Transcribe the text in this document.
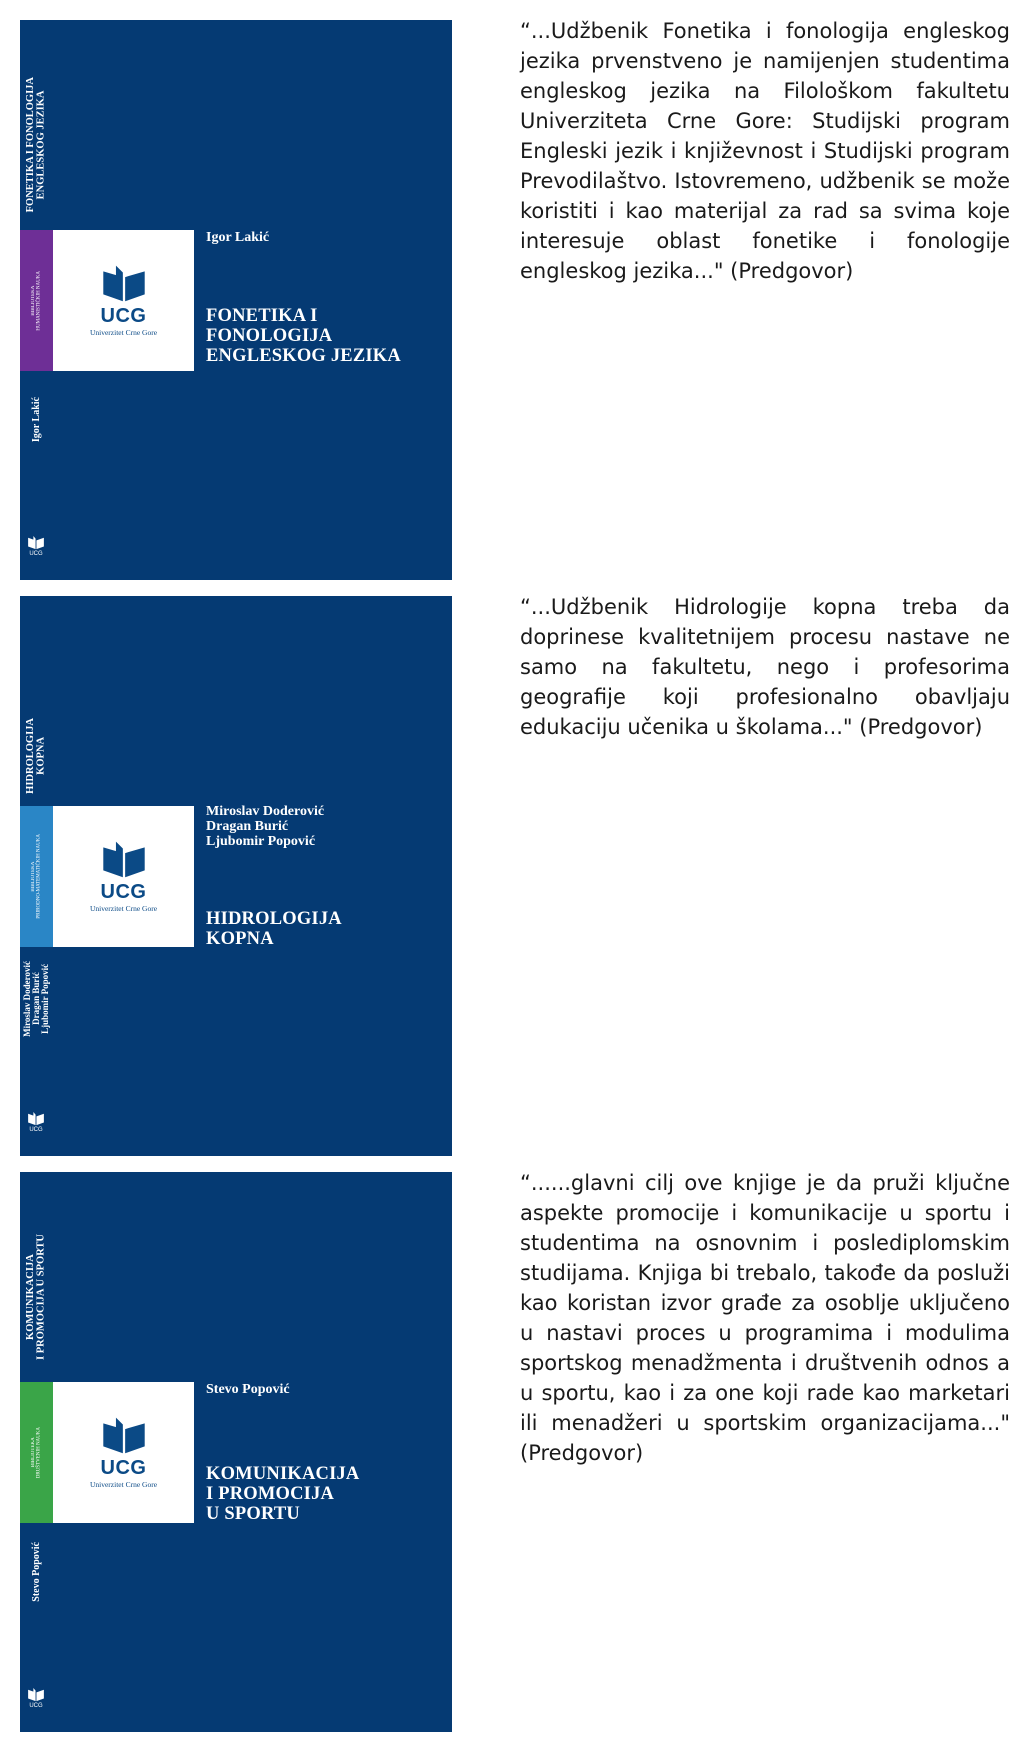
FONETIKA I FONOLOGIJA
ENGLESKOG JEZIKA
BIBLIOTEKA
HUMANISTIČKIH NAUKA
Igor Lakić
UCG
UCG
Univerzitet Crne Gore
Igor Lakić
FONETIKA I
FONOLOGIJA
ENGLESKOG JEZIKA

“...Udžbenik Fonetika i fonologija engleskog jezika prvenstveno je namijenjen studentima engleskog jezika na Filološkom fakultetu Univerziteta Crne Gore: Studijski program Engleski jezik i književnost i Studijski program Prevodilaštvo. Istovremeno, udžbenik se može koristiti i kao materijal za rad sa svima koje interesuje oblast fonetike i fonologije engleskog jezika..." (Predgovor)

HIDROLOGIJA
KOPNA
BIBLIOTEKA
PRIRODNO-MATEMATIČKIH NAUKA
Miroslav Doderović
Dragan Burić
Ljubomir Popović
UCG
UCG
Univerzitet Crne Gore
Miroslav Doderović
Dragan Burić
Ljubomir Popović
HIDROLOGIJA
KOPNA

“...Udžbenik Hidrologije kopna treba da doprinese kvalitetnijem procesu nastave ne samo na fakultetu, nego i profesorima geografije koji profesionalno obavljaju edukaciju učenika u školama..." (Predgovor)

KOMUNIKACIJA
I PROMOCIJA U SPORTU
BIBLIOTEKA
DRUŠTVENIH NAUKA
Stevo Popović
UCG
UCG
Univerzitet Crne Gore
Stevo Popović
KOMUNIKACIJA
I PROMOCIJA
U SPORTU

“......glavni cilj ove knjige je da pruži ključne aspekte promocije i komunikacije u sportu i studentima na osnovnim i poslediplomskim studijama. Knjiga bi trebalo, takođe da posluži kao koristan izvor građe za osoblje uključeno u nastavi proces u programima i modulima sportskog menadžmenta i društvenih odnos a u sportu, kao i za one koji rade kao marketari ili menadžeri u sportskim organizacijama..." (Predgovor)
